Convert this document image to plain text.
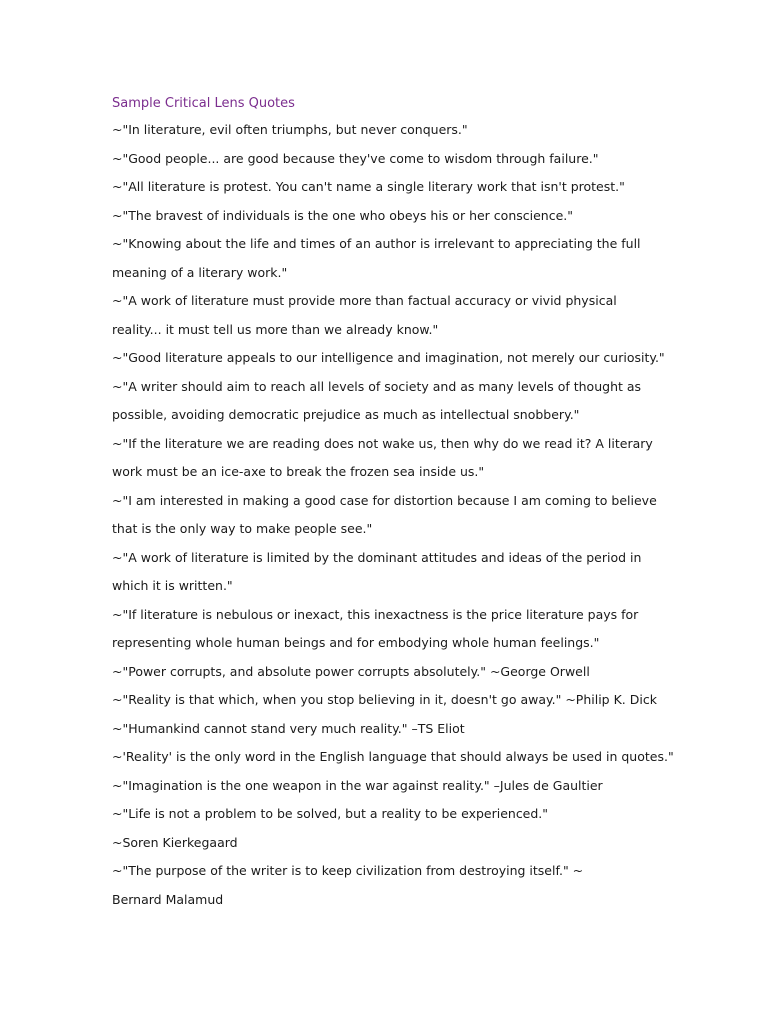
Sample Critical Lens Quotes
~"In literature, evil often triumphs, but never conquers."
~"Good people... are good because they've come to wisdom through failure."
~"All literature is protest. You can't name a single literary work that isn't protest."
~"The bravest of individuals is the one who obeys his or her conscience."
~"Knowing about the life and times of an author is irrelevant to appreciating the full
meaning of a literary work."
~"A work of literature must provide more than factual accuracy or vivid physical
reality... it must tell us more than we already know."
~"Good literature appeals to our intelligence and imagination, not merely our curiosity."
~"A writer should aim to reach all levels of society and as many levels of thought as
possible, avoiding democratic prejudice as much as intellectual snobbery."
~"If the literature we are reading does not wake us, then why do we read it? A literary
work must be an ice-axe to break the frozen sea inside us."
~"I am interested in making a good case for distortion because I am coming to believe
that is the only way to make people see."
~"A work of literature is limited by the dominant attitudes and ideas of the period in
which it is written."
~"If literature is nebulous or inexact, this inexactness is the price literature pays for
representing whole human beings and for embodying whole human feelings."
~"Power corrupts, and absolute power corrupts absolutely." ~George Orwell
~"Reality is that which, when you stop believing in it, doesn't go away." ~Philip K. Dick
~"Humankind cannot stand very much reality." –TS Eliot
~'Reality' is the only word in the English language that should always be used in quotes."
~"Imagination is the one weapon in the war against reality." –Jules de Gaultier
~"Life is not a problem to be solved, but a reality to be experienced."
~Soren Kierkegaard
~"The purpose of the writer is to keep civilization from destroying itself." ~
Bernard Malamud
